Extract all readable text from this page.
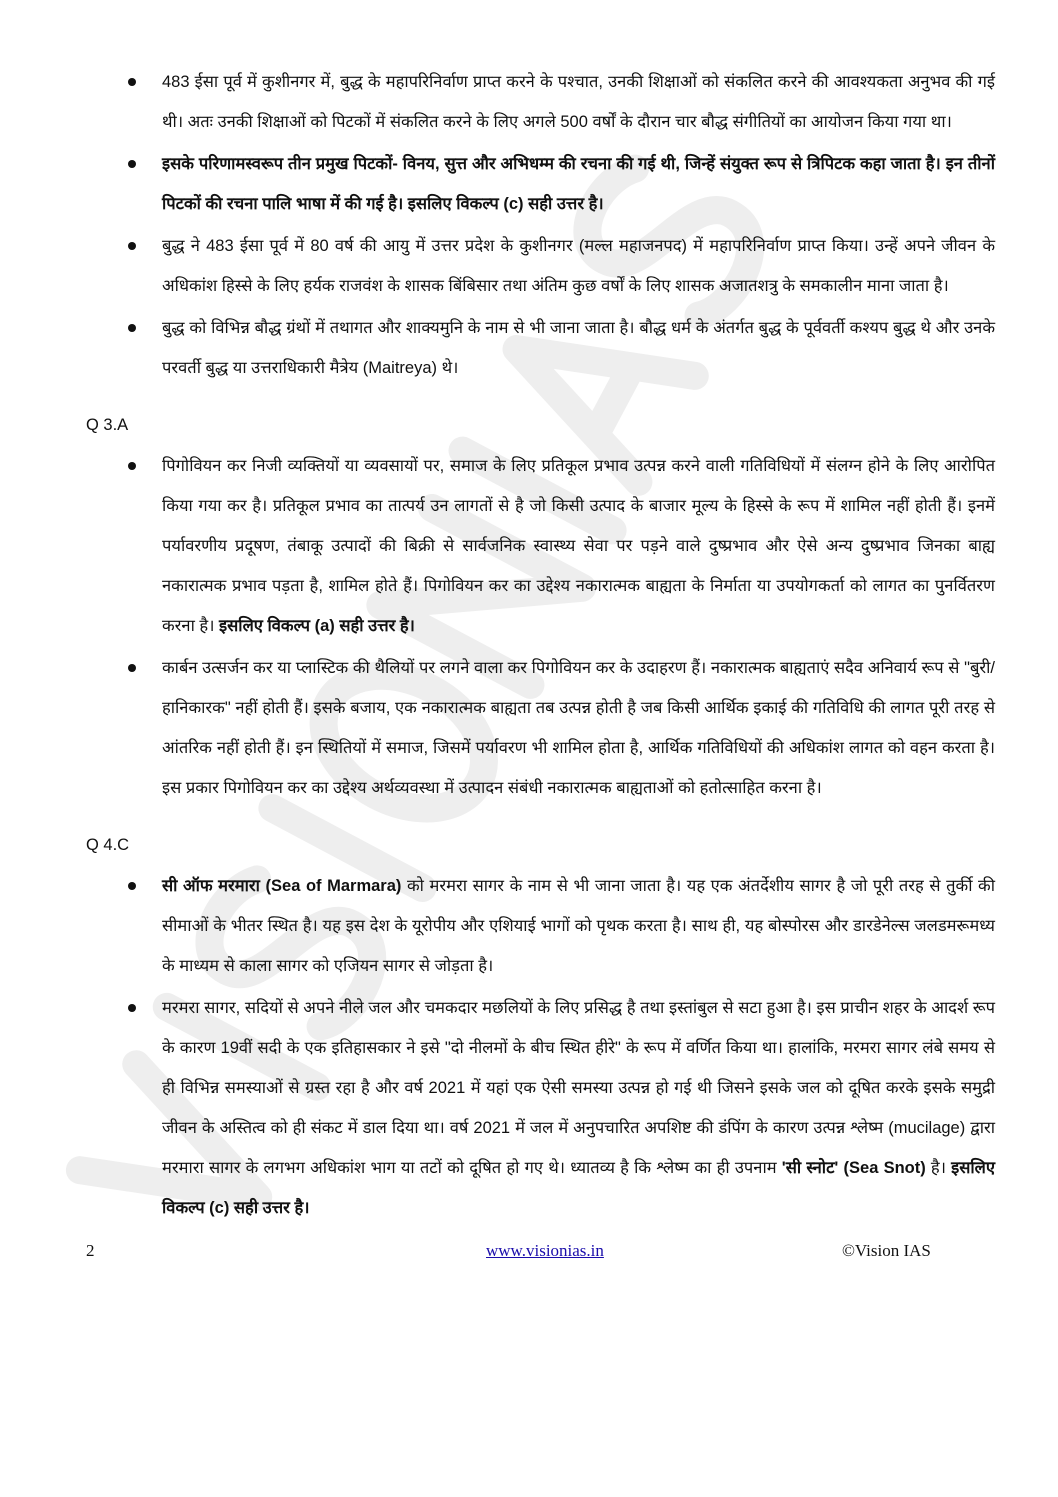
483 ईसा पूर्व में कुशीनगर में, बुद्ध के महापरिनिर्वाण प्राप्त करने के पश्चात, उनकी शिक्षाओं को संकलित करने की आवश्यकता अनुभव की गई थी। अतः उनकी शिक्षाओं को पिटकों में संकलित करने के लिए अगले 500 वर्षों के दौरान चार बौद्ध संगीतियों का आयोजन किया गया था।
इसके परिणामस्वरूप तीन प्रमुख पिटकों- विनय, सुत्त और अभिधम्म की रचना की गई थी, जिन्हें संयुक्त रूप से त्रिपिटक कहा जाता है। इन तीनों पिटकों की रचना पालि भाषा में की गई है। इसलिए विकल्प (c) सही उत्तर है।
बुद्ध ने 483 ईसा पूर्व में 80 वर्ष की आयु में उत्तर प्रदेश के कुशीनगर (मल्ल महाजनपद) में महापरिनिर्वाण प्राप्त किया। उन्हें अपने जीवन के अधिकांश हिस्से के लिए हर्यक राजवंश के शासक बिंबिसार तथा अंतिम कुछ वर्षों के लिए शासक अजातशत्रु के समकालीन माना जाता है।
बुद्ध को विभिन्न बौद्ध ग्रंथों में तथागत और शाक्यमुनि के नाम से भी जाना जाता है। बौद्ध धर्म के अंतर्गत बुद्ध के पूर्ववर्ती कश्यप बुद्ध थे और उनके परवर्ती बुद्ध या उत्तराधिकारी मैत्रेय (Maitreya) थे।
Q 3.A
पिगोवियन कर निजी व्यक्तियों या व्यवसायों पर, समाज के लिए प्रतिकूल प्रभाव उत्पन्न करने वाली गतिविधियों में संलग्न होने के लिए आरोपित किया गया कर है। प्रतिकूल प्रभाव का तात्पर्य उन लागतों से है जो किसी उत्पाद के बाजार मूल्य के हिस्से के रूप में शामिल नहीं होती हैं। इनमें पर्यावरणीय प्रदूषण, तंबाकू उत्पादों की बिक्री से सार्वजनिक स्वास्थ्य सेवा पर पड़ने वाले दुष्प्रभाव और ऐसे अन्य दुष्प्रभाव जिनका बाह्य नकारात्मक प्रभाव पड़ता है, शामिल होते हैं। पिगोवियन कर का उद्देश्य नकारात्मक बाह्यता के निर्माता या उपयोगकर्ता को लागत का पुनर्वितरण करना है। इसलिए विकल्प (a) सही उत्तर है।
कार्बन उत्सर्जन कर या प्लास्टिक की थैलियों पर लगने वाला कर पिगोवियन कर के उदाहरण हैं। नकारात्मक बाह्यताएं सदैव अनिवार्य रूप से "बुरी/हानिकारक" नहीं होती हैं। इसके बजाय, एक नकारात्मक बाह्यता तब उत्पन्न होती है जब किसी आर्थिक इकाई की गतिविधि की लागत पूरी तरह से आंतरिक नहीं होती हैं। इन स्थितियों में समाज, जिसमें पर्यावरण भी शामिल होता है, आर्थिक गतिविधियों की अधिकांश लागत को वहन करता है। इस प्रकार पिगोवियन कर का उद्देश्य अर्थव्यवस्था में उत्पादन संबंधी नकारात्मक बाह्यताओं को हतोत्साहित करना है।
Q 4.C
सी ऑफ मरमारा (Sea of Marmara) को मरमरा सागर के नाम से भी जाना जाता है। यह एक अंतर्देशीय सागर है जो पूरी तरह से तुर्की की सीमाओं के भीतर स्थित है। यह इस देश के यूरोपीय और एशियाई भागों को पृथक करता है। साथ ही, यह बोस्पोरस और डारडेनेल्स जलडमरूमध्य के माध्यम से काला सागर को एजियन सागर से जोड़ता है।
मरमरा सागर, सदियों से अपने नीले जल और चमकदार मछलियों के लिए प्रसिद्ध है तथा इस्तांबुल से सटा हुआ है। इस प्राचीन शहर के आदर्श रूप के कारण 19वीं सदी के एक इतिहासकार ने इसे "दो नीलमों के बीच स्थित हीरे" के रूप में वर्णित किया था। हालांकि, मरमरा सागर लंबे समय से ही विभिन्न समस्याओं से ग्रस्त रहा है और वर्ष 2021 में यहां एक ऐसी समस्या उत्पन्न हो गई थी जिसने इसके जल को दूषित करके इसके समुद्री जीवन के अस्तित्व को ही संकट में डाल दिया था। वर्ष 2021 में जल में अनुपचारित अपशिष्ट की डंपिंग के कारण उत्पन्न श्लेष्म (mucilage) द्वारा मरमारा सागर के लगभग अधिकांश भाग या तटों को दूषित हो गए थे। ध्यातव्य है कि श्लेष्म का ही उपनाम 'सी स्नोट' (Sea Snot) है। इसलिए विकल्प (c) सही उत्तर है।
2	www.visionias.in	©Vision IAS
